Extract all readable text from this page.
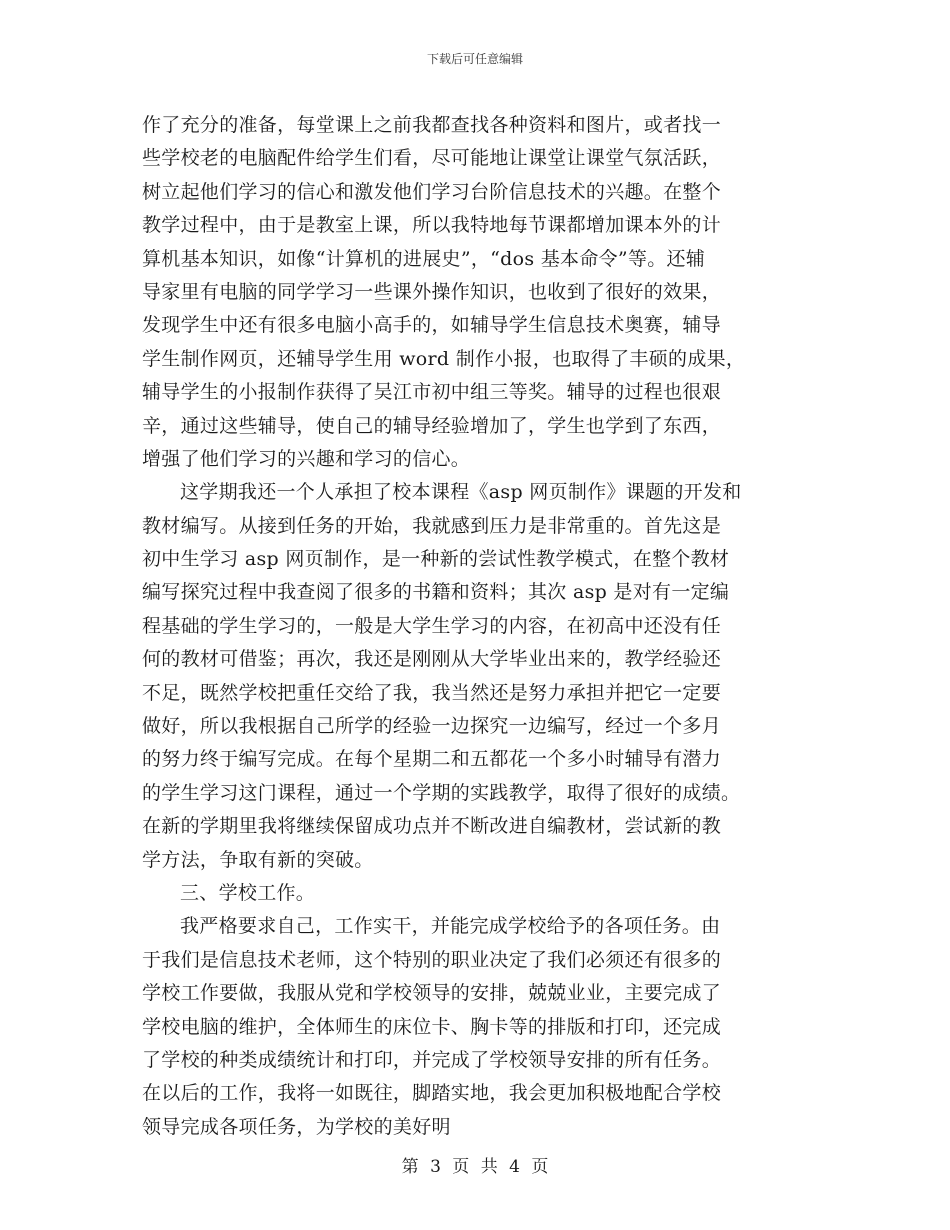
下载后可任意编辑
作了充分的准备，每堂课上之前我都查找各种资料和图片，或者找一
些学校老的电脑配件给学生们看，尽可能地让课堂让课堂气氛活跃，
树立起他们学习的信心和激发他们学习台阶信息技术的兴趣。在整个
教学过程中，由于是教室上课，所以我特地每节课都增加课本外的计
算机基本知识，如像“计算机的进展史”，“dos 基本命令”等。还辅
导家里有电脑的同学学习一些课外操作知识，也收到了很好的效果，
发现学生中还有很多电脑小高手的，如辅导学生信息技术奥赛，辅导
学生制作网页，还辅导学生用 word 制作小报，也取得了丰硕的成果，
辅导学生的小报制作获得了吴江市初中组三等奖。辅导的过程也很艰
辛，通过这些辅导，使自己的辅导经验增加了，学生也学到了东西，
增强了他们学习的兴趣和学习的信心。
这学期我还一个人承担了校本课程《asp 网页制作》课题的开发和
教材编写。从接到任务的开始，我就感到压力是非常重的。首先这是
初中生学习 asp 网页制作，是一种新的尝试性教学模式，在整个教材
编写探究过程中我查阅了很多的书籍和资料；其次 asp 是对有一定编
程基础的学生学习的，一般是大学生学习的内容，在初高中还没有任
何的教材可借鉴；再次，我还是刚刚从大学毕业出来的，教学经验还
不足，既然学校把重任交给了我，我当然还是努力承担并把它一定要
做好，所以我根据自己所学的经验一边探究一边编写，经过一个多月
的努力终于编写完成。在每个星期二和五都花一个多小时辅导有潜力
的学生学习这门课程，通过一个学期的实践教学，取得了很好的成绩。
在新的学期里我将继续保留成功点并不断改进自编教材，尝试新的教
学方法，争取有新的突破。
三、学校工作。
我严格要求自己，工作实干，并能完成学校给予的各项任务。由
于我们是信息技术老师，这个特别的职业决定了我们必须还有很多的
学校工作要做，我服从党和学校领导的安排，兢兢业业，主要完成了
学校电脑的维护，全体师生的床位卡、胸卡等的排版和打印，还完成
了学校的种类成绩统计和打印，并完成了学校领导安排的所有任务。
在以后的工作，我将一如既往，脚踏实地，我会更加积极地配合学校
领导完成各项任务，为学校的美好明
第 3 页 共 4 页
